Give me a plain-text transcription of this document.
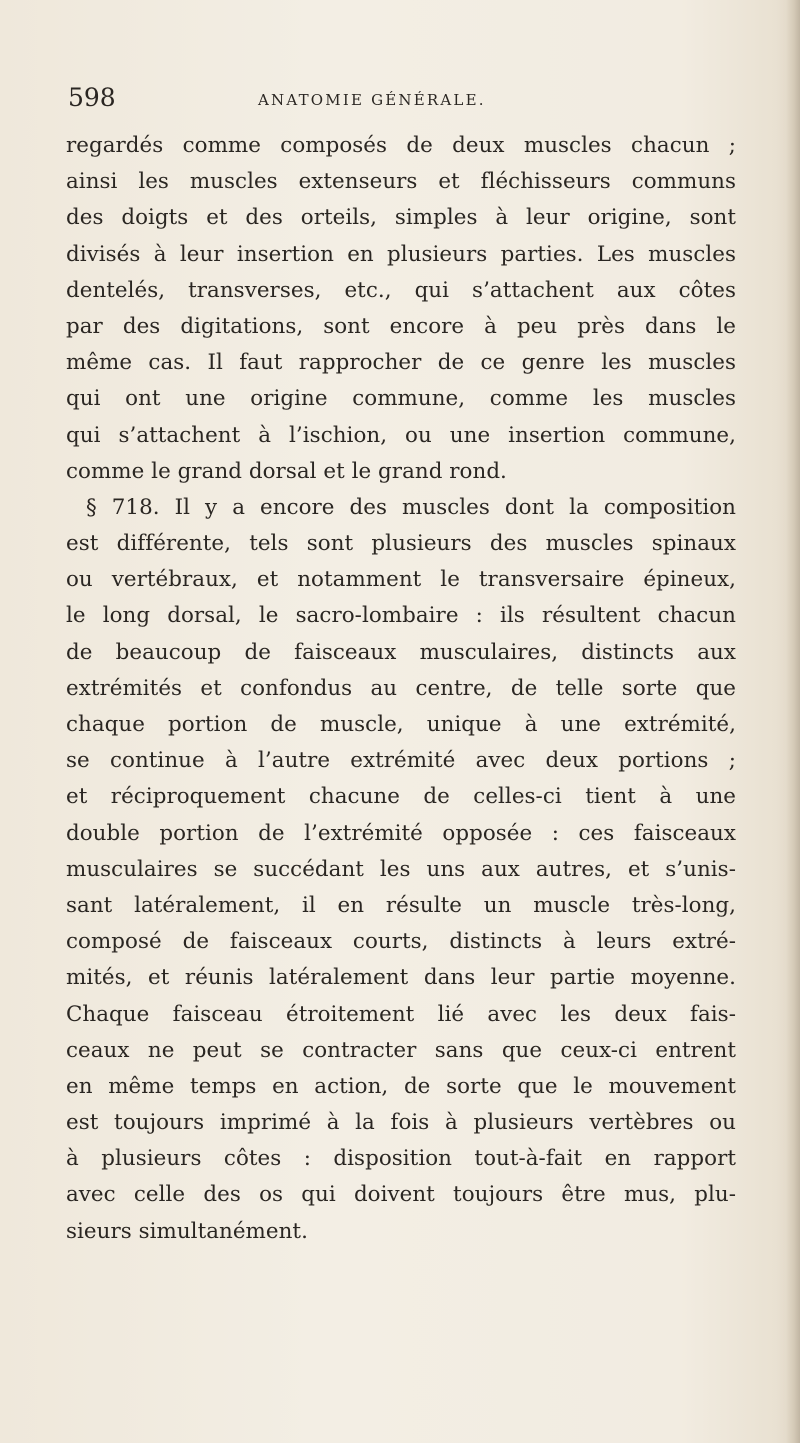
598	ANATOMIE GÉNÉRALE.
regardés comme composés de deux muscles chacun ;
ainsi les muscles extenseurs et fléchisseurs communs
des doigts et des orteils, simples à leur origine, sont
divisés à leur insertion en plusieurs parties. Les muscles
dentelés, transverses, etc., qui s’attachent aux côtes
par des digitations, sont encore à peu près dans le
même cas. Il faut rapprocher de ce genre les muscles
qui ont une origine commune, comme les muscles
qui s’attachent à l’ischion, ou une insertion commune,
comme le grand dorsal et le grand rond.
§ 718. Il y a encore des muscles dont la composition
est différente, tels sont plusieurs des muscles spinaux
ou vertébraux, et notamment le transversaire épineux,
le long dorsal, le sacro-lombaire : ils résultent chacun
de beaucoup de faisceaux musculaires, distincts aux
extrémités et confondus au centre, de telle sorte que
chaque portion de muscle, unique à une extrémité,
se continue à l’autre extrémité avec deux portions ;
et réciproquement chacune de celles-ci tient à une
double portion de l’extrémité opposée : ces faisceaux
musculaires se succédant les uns aux autres, et s’unis-
sant latéralement, il en résulte un muscle très-long,
composé de faisceaux courts, distincts à leurs extré-
mités, et réunis latéralement dans leur partie moyenne.
Chaque faisceau étroitement lié avec les deux fais-
ceaux ne peut se contracter sans que ceux-ci entrent
en même temps en action, de sorte que le mouvement
est toujours imprimé à la fois à plusieurs vertèbres ou
à plusieurs côtes : disposition tout-à-fait en rapport
avec celle des os qui doivent toujours être mus, plu-
sieurs simultanément.
